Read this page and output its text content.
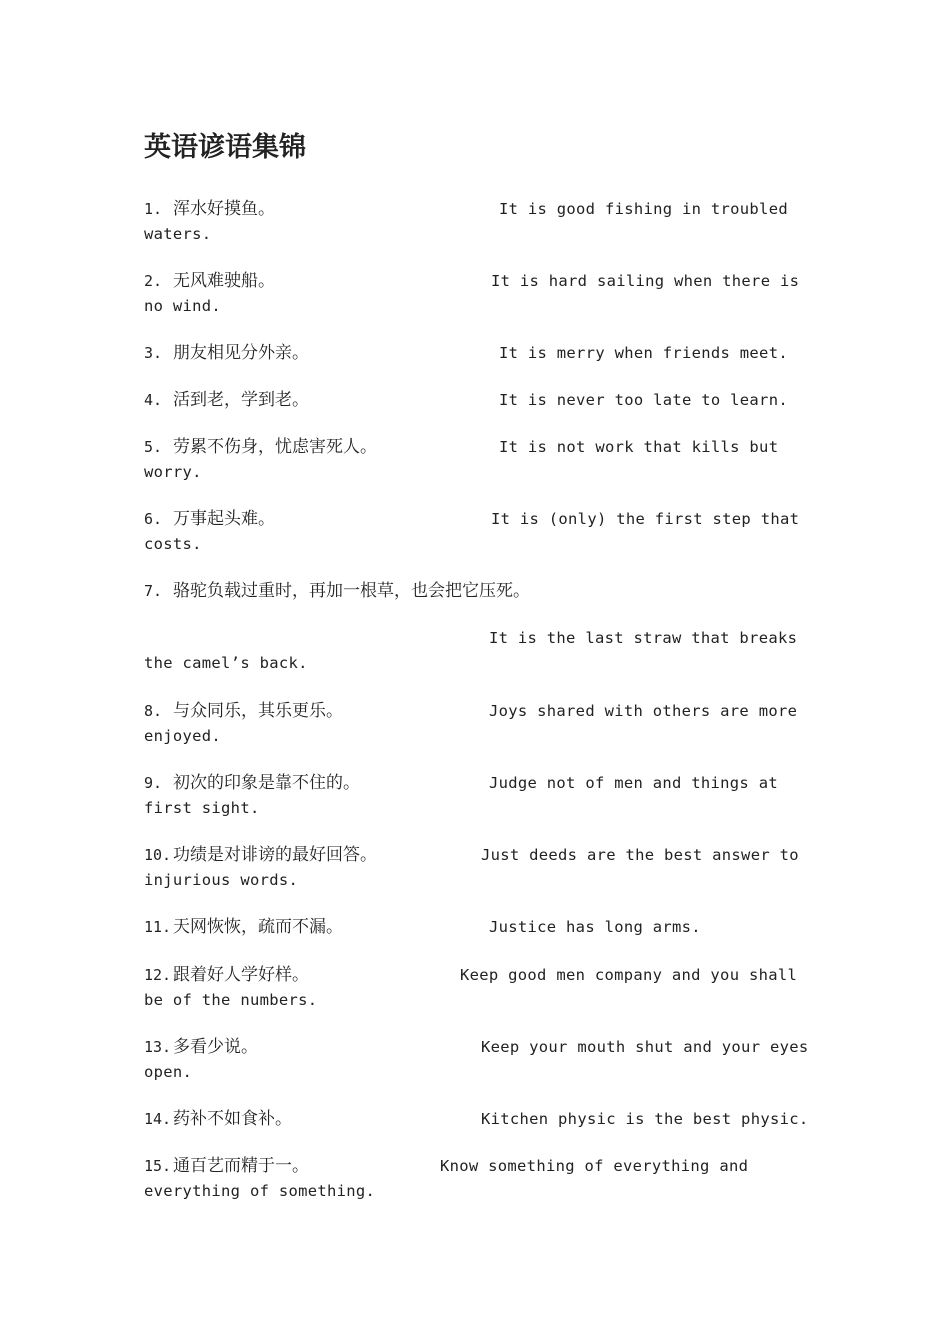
英语谚语集锦
1. 浑水好摸鱼。	It is good fishing in troubled
waters.
2. 无风难驶船。	It is hard sailing when there is
no wind.
3. 朋友相见分外亲。	It is merry when friends meet.
4. 活到老，学到老。	It is never too late to learn.
5. 劳累不伤身，忧虑害死人。	It is not work that kills but
worry.
6. 万事起头难。	It is (only) the first step that
costs.
7. 骆驼负载过重时，再加一根草，也会把它压死。
It is the last straw that breaks
the camel’s back.
8. 与众同乐，其乐更乐。	Joys shared with others are more
enjoyed.
9. 初次的印象是靠不住的。	Judge not of men and things at
first sight.
10. 功绩是对诽谤的最好回答。	Just deeds are the best answer to
injurious words.
11. 天网恢恢，疏而不漏。	Justice has long arms.
12. 跟着好人学好样。	Keep good men company and you shall
be of the numbers.
13. 多看少说。	Keep your mouth shut and your eyes
open.
14. 药补不如食补。	Kitchen physic is the best physic.
15. 通百艺而精于一。	Know something of everything and
everything of something.
